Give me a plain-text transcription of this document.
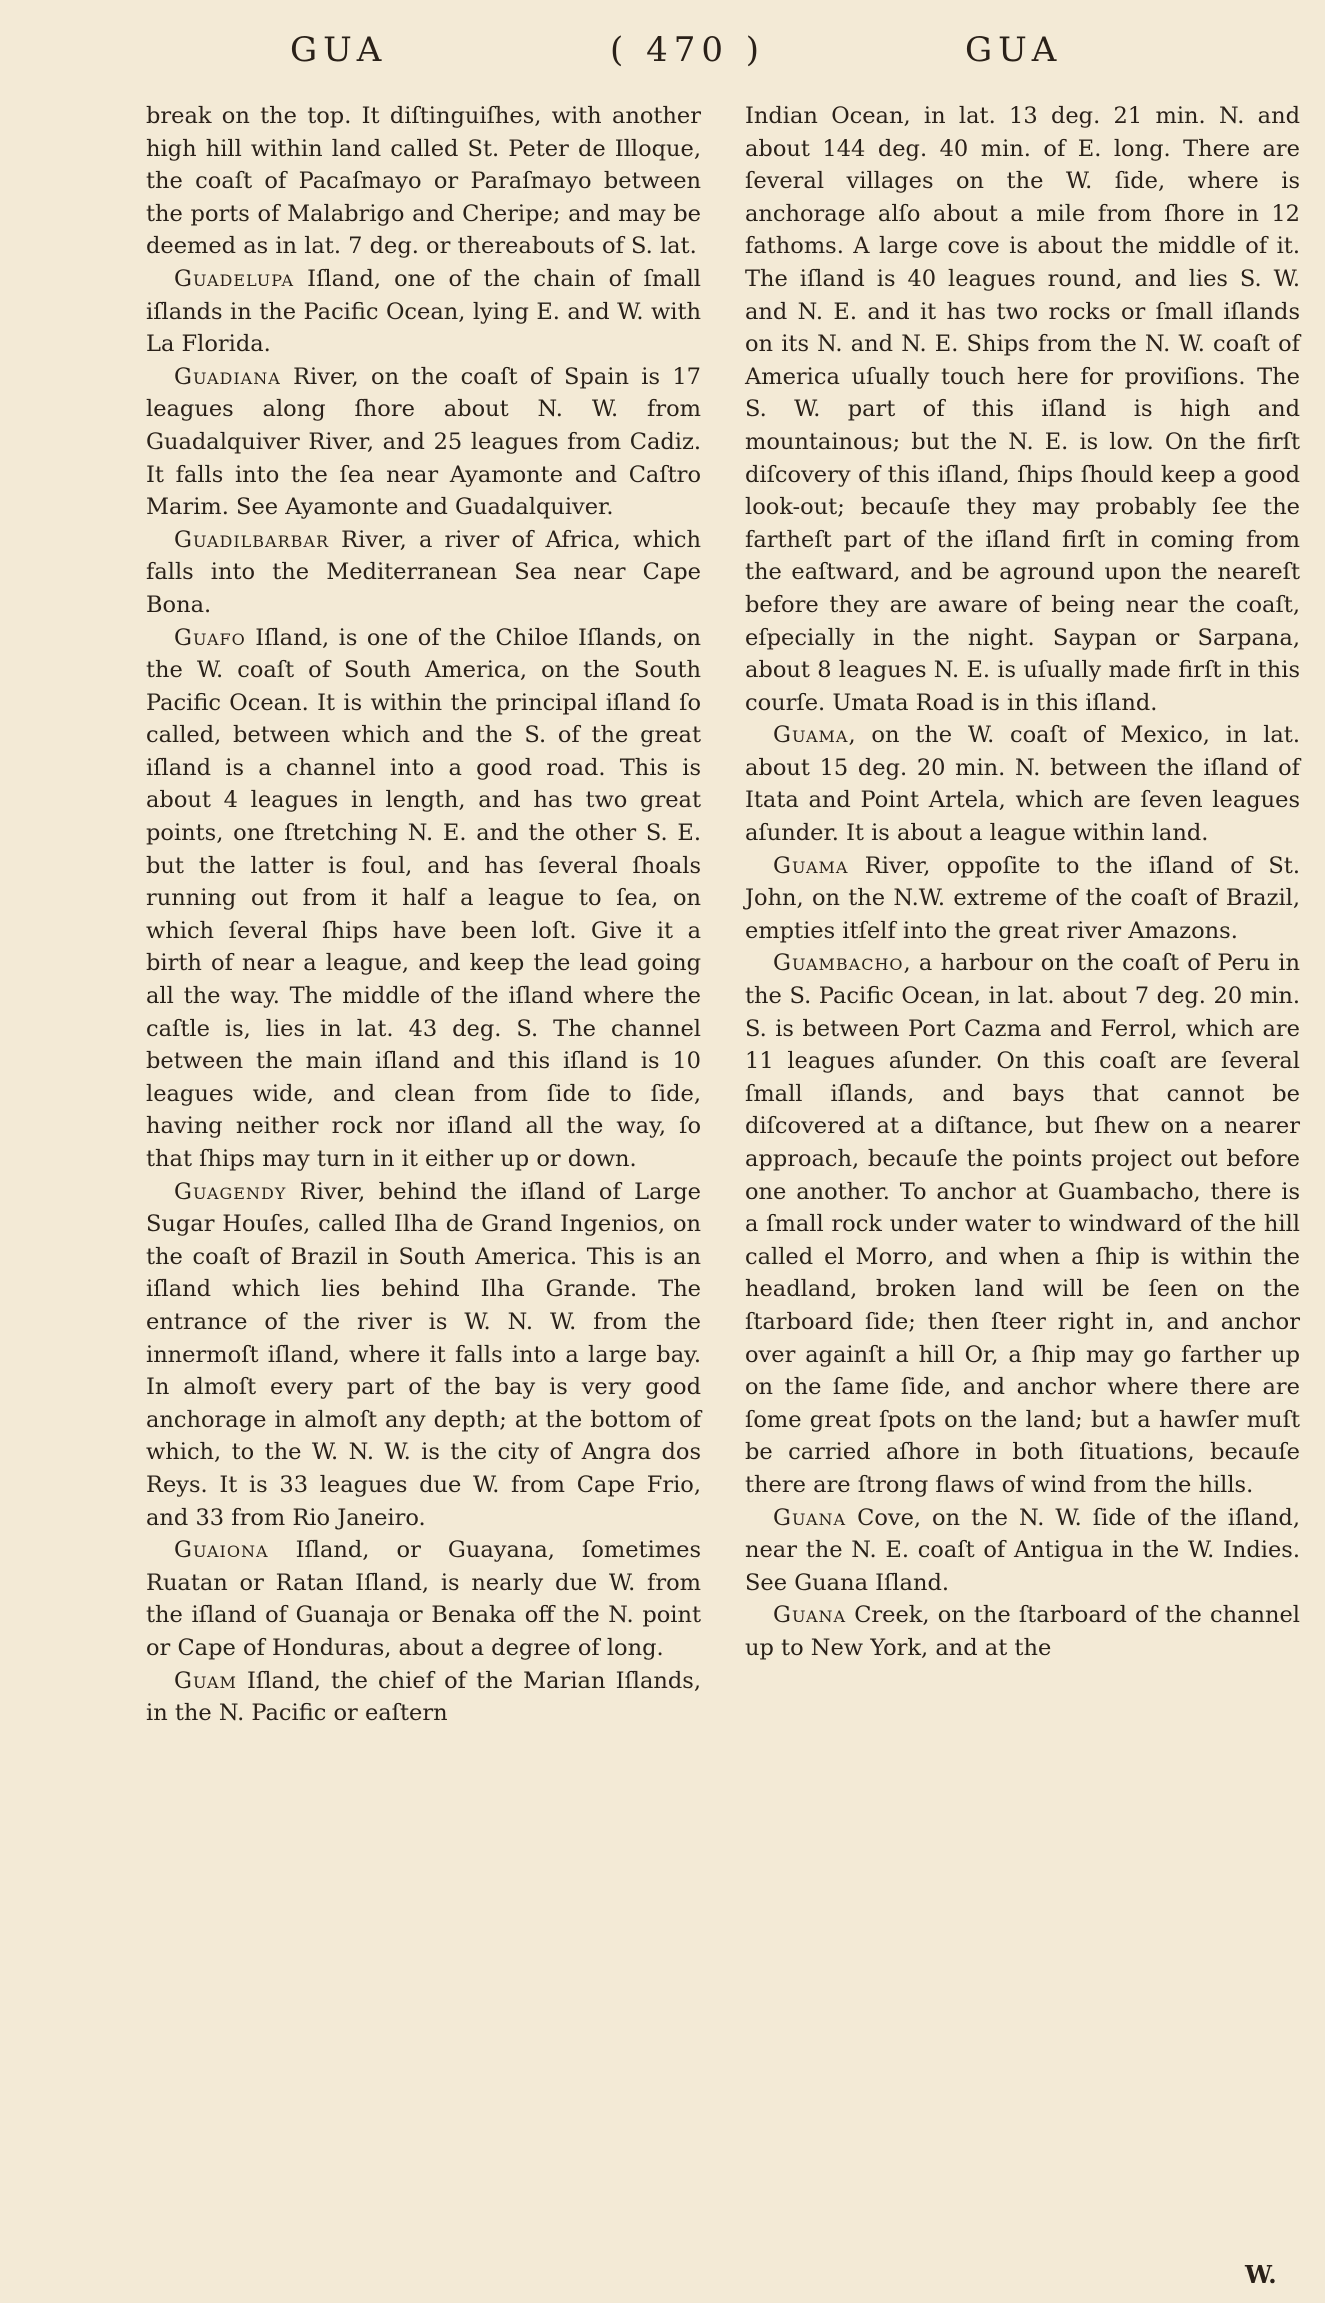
GUA	( 470 )	GUA

break on the top. It diſtinguiſhes, with another high hill within land called St. Peter de Illoque, the coaſt of Pacaſmayo or Paraſmayo between the ports of Malabrigo and Cheripe; and may be deemed as in lat. 7 deg. or thereabouts of S. lat.

Guadelupa Iſland, one of the chain of ſmall iſlands in the Pacific Ocean, lying E. and W. with La Florida.

Guadiana River, on the coaſt of Spain is 17 leagues along ſhore about N. W. from Guadalquiver River, and 25 leagues from Cadiz. It falls into the ſea near Ayamonte and Caſtro Marim. See Ayamonte and Guadalquiver.

Guadilbarbar River, a river of Africa, which falls into the Mediterranean Sea near Cape Bona.

Guafo Iſland, is one of the Chiloe Iſlands, on the W. coaſt of South America, on the South Pacific Ocean. It is within the principal iſland ſo called, between which and the S. of the great iſland is a channel into a good road. This is about 4 leagues in length, and has two great points, one ſtretching N. E. and the other S. E. but the latter is foul, and has ſeveral ſhoals running out from it half a league to ſea, on which ſeveral ſhips have been loſt. Give it a birth of near a league, and keep the lead going all the way. The middle of the iſland where the caſtle is, lies in lat. 43 deg. S. The channel between the main iſland and this iſland is 10 leagues wide, and clean from ſide to ſide, having neither rock nor iſland all the way, ſo that ſhips may turn in it either up or down.

Guagendy River, behind the iſland of Large Sugar Houſes, called Ilha de Grand Ingenios, on the coaſt of Brazil in South America. This is an iſland which lies behind Ilha Grande. The entrance of the river is W. N. W. from the innermoſt iſland, where it falls into a large bay. In almoſt every part of the bay is very good anchorage in almoſt any depth; at the bottom of which, to the W. N. W. is the city of Angra dos Reys. It is 33 leagues due W. from Cape Frio, and 33 from Rio Janeiro.

Guaiona Iſland, or Guayana, ſometimes Ruatan or Ratan Iſland, is nearly due W. from the iſland of Guanaja or Benaka off the N. point or Cape of Honduras, about a degree of long.

Guam Iſland, the chief of the Marian Iſlands, in the N. Pacific or eaſtern

Indian Ocean, in lat. 13 deg. 21 min. N. and about 144 deg. 40 min. of E. long. There are ſeveral villages on the W. ſide, where is anchorage alſo about a mile from ſhore in 12 fathoms. A large cove is about the middle of it. The iſland is 40 leagues round, and lies S. W. and N. E. and it has two rocks or ſmall iſlands on its N. and N. E. Ships from the N. W. coaſt of America uſually touch here for proviſions. The S. W. part of this iſland is high and mountainous; but the N. E. is low. On the firſt diſcovery of this iſland, ſhips ſhould keep a good look-out; becauſe they may probably ſee the fartheſt part of the iſland firſt in coming from the eaſtward, and be aground upon the neareſt before they are aware of being near the coaſt, eſpecially in the night. Saypan or Sarpana, about 8 leagues N. E. is uſually made firſt in this courſe. Umata Road is in this iſland.

Guama, on the W. coaſt of Mexico, in lat. about 15 deg. 20 min. N. between the iſland of Itata and Point Artela, which are ſeven leagues aſunder. It is about a league within land.

Guama River, oppoſite to the iſland of St. John, on the N.W. extreme of the coaſt of Brazil, empties itſelf into the great river Amazons.

Guambacho, a harbour on the coaſt of Peru in the S. Pacific Ocean, in lat. about 7 deg. 20 min. S. is between Port Cazma and Ferrol, which are 11 leagues aſunder. On this coaſt are ſeveral ſmall iſlands, and bays that cannot be diſcovered at a diſtance, but ſhew on a nearer approach, becauſe the points project out before one another. To anchor at Guambacho, there is a ſmall rock under water to windward of the hill called el Morro, and when a ſhip is within the headland, broken land will be ſeen on the ſtarboard ſide; then ſteer right in, and anchor over againſt a hill Or, a ſhip may go farther up on the ſame ſide, and anchor where there are ſome great ſpots on the land; but a hawſer muſt be carried aſhore in both ſituations, becauſe there are ſtrong flaws of wind from the hills.

Guana Cove, on the N. W. ſide of the iſland, near the N. E. coaſt of Antigua in the W. Indies. See Guana Iſland.

Guana Creek, on the ſtarboard of the channel up to New York, and at the

W.
